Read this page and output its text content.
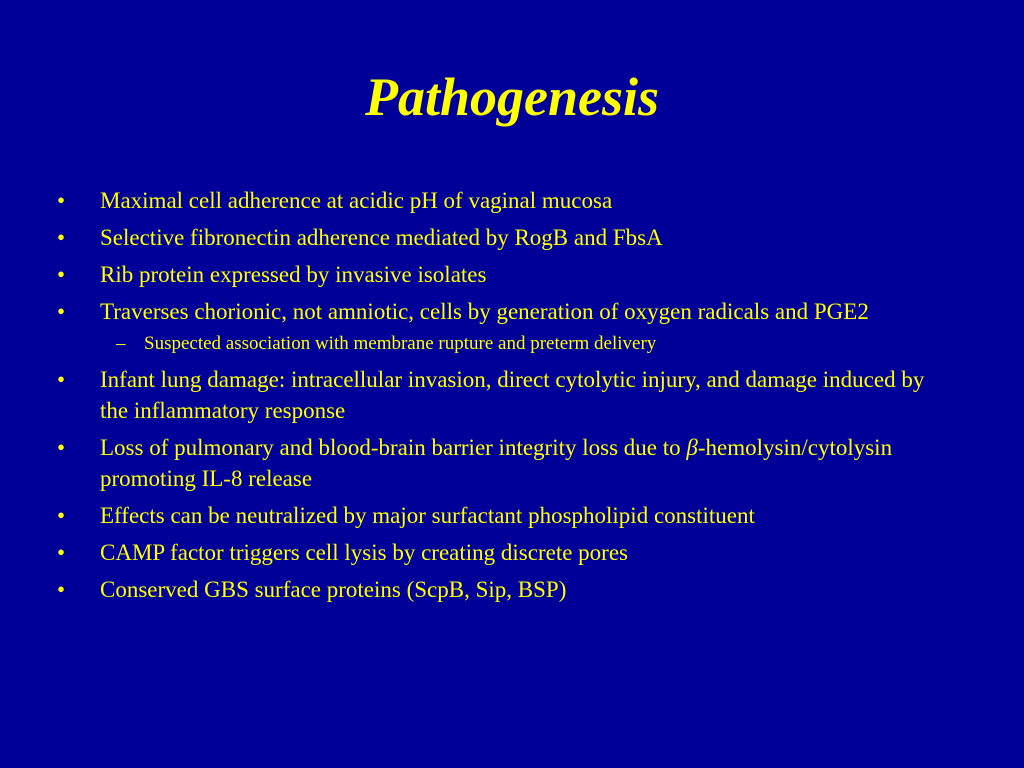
Pathogenesis
• Maximal cell adherence at acidic pH of vaginal mucosa
• Selective fibronectin adherence mediated by RogB and FbsA
• Rib protein expressed by invasive isolates
• Traverses chorionic, not amniotic, cells by generation of oxygen radicals and PGE2
– Suspected association with membrane rupture and preterm delivery
• Infant lung damage: intracellular invasion, direct cytolytic injury, and damage induced by the inflammatory response
• Loss of pulmonary and blood-brain barrier integrity loss due to β-hemolysin/cytolysin promoting IL-8 release
• Effects can be neutralized by major surfactant phospholipid constituent
• CAMP factor triggers cell lysis by creating discrete pores
• Conserved GBS surface proteins (ScpB, Sip, BSP)
